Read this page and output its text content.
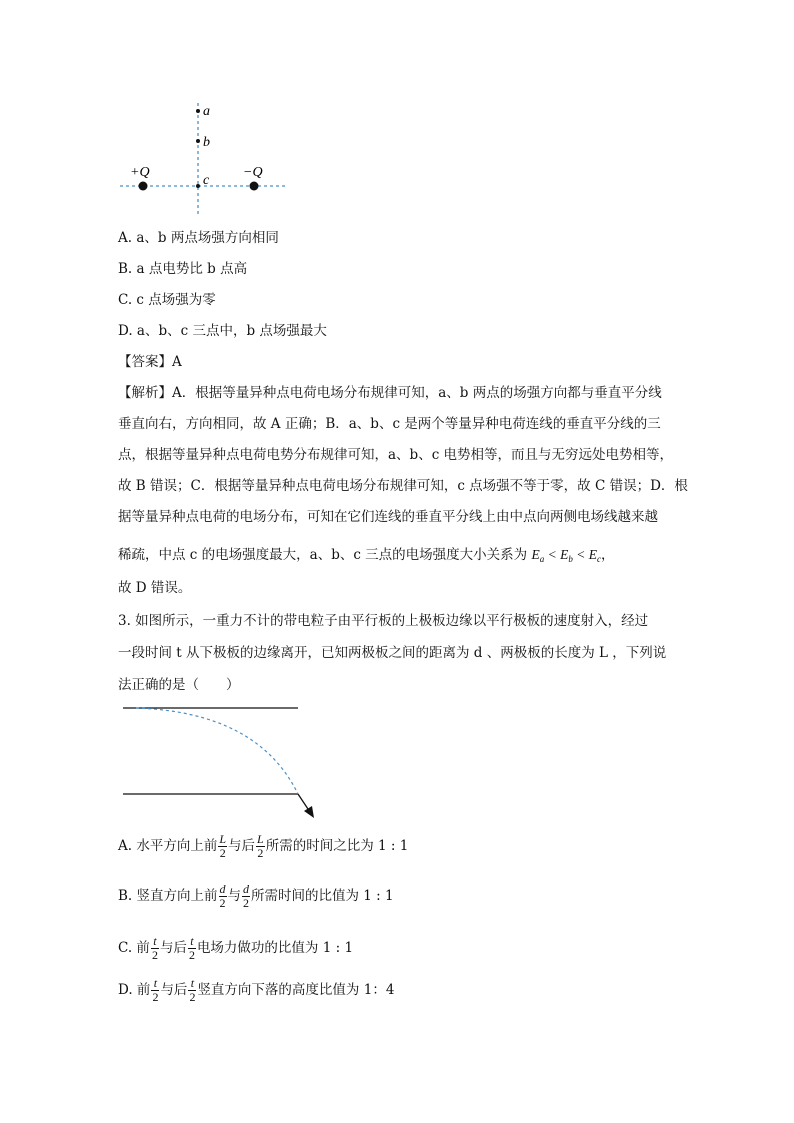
a
b
c
+Q	−Q
A. a、b 两点场强方向相同
B. a 点电势比 b 点高
C. c 点场强为零
D. a、b、c 三点中，b 点场强最大
【答案】A
【解析】A．根据等量异种点电荷电场分布规律可知，a、b 两点的场强方向都与垂直平分线
垂直向右，方向相同，故 A 正确；B．a、b、c 是两个等量异种电荷连线的垂直平分线的三
点，根据等量异种点电荷电势分布规律可知，a、b、c 电势相等，而且与无穷远处电势相等，
故 B 错误；C．根据等量异种点电荷电场分布规律可知，c 点场强不等于零，故 C 错误；D．根
据等量异种点电荷的电场分布，可知在它们连线的垂直平分线上由中点向两侧电场线越来越
稀疏，中点 c 的电场强度最大，a、b、c 三点的电场强度大小关系为 $E_a < E_b < E_c$，
故 D 错误。
3. 如图所示，一重力不计的带电粒子由平行板的上极板边缘以平行极板的速度射入，经过
一段时间 t 从下极板的边缘离开，已知两极板之间的距离为 d 、两极板的长度为 L ，下列说
法正确的是（　　）
A. 水平方向上前 $\frac{L}{2}$ 与后 $\frac{L}{2}$ 所需的时间之比为 1 : 1
B. 竖直方向上前 $\frac{d}{2}$ 与 $\frac{d}{2}$ 所需时间的比值为 1 : 1
C. 前 $\frac{t}{2}$ 与后 $\frac{t}{2}$ 电场力做功的比值为 1 : 1
D. 前 $\frac{t}{2}$ 与后 $\frac{t}{2}$ 竖直方向下落的高度比值为 1：4
